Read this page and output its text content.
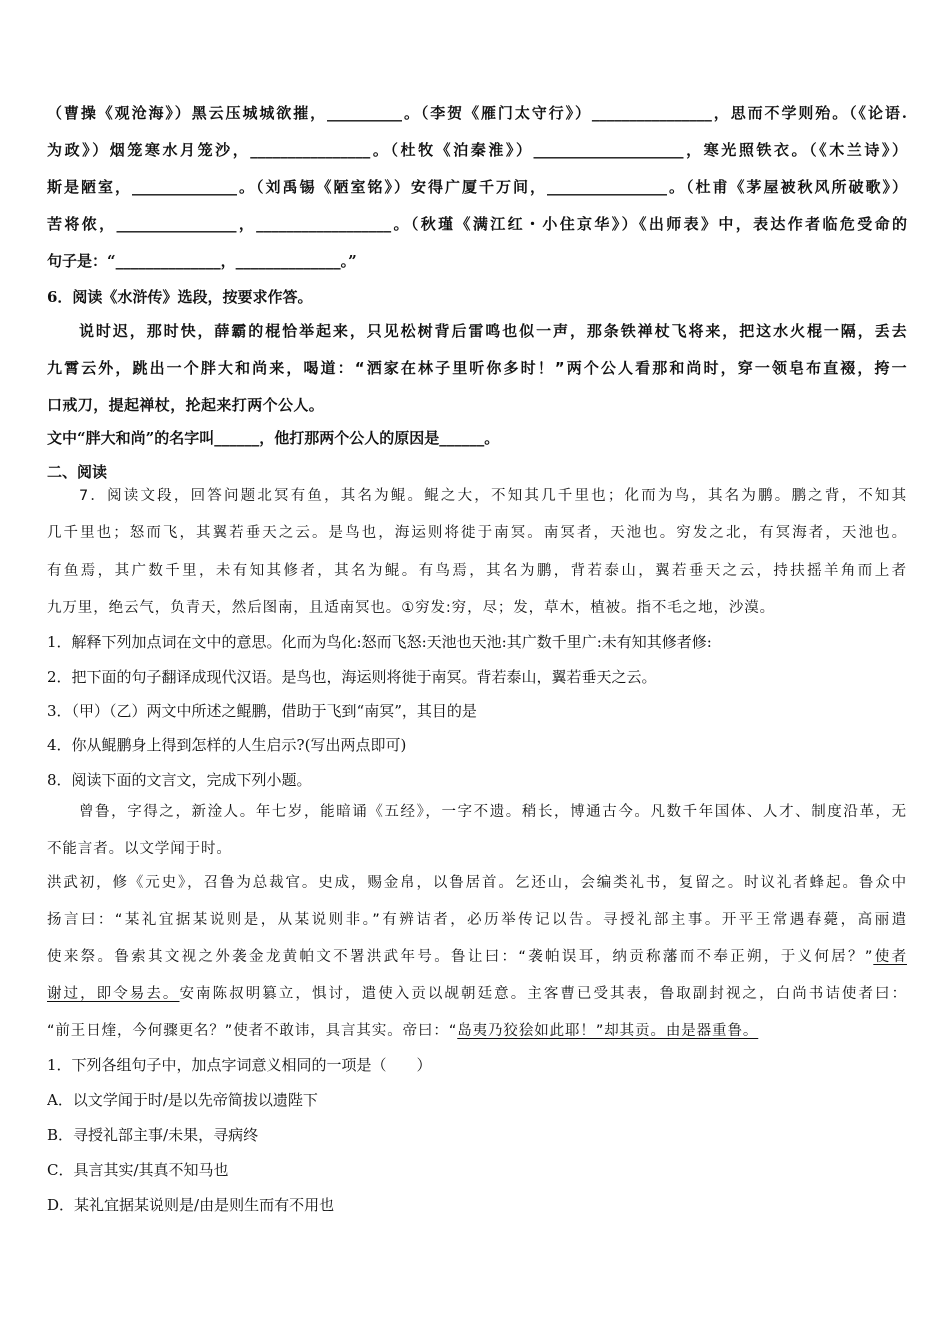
（曹操《观沧海》）黑云压城城欲摧，__________。（李贺《雁门太守行》）________________，思而不学则殆。（《论语.
为政》）烟笼寒水月笼沙，________________。（杜牧《泊秦淮》）____________________，寒光照铁衣。（《木兰诗》）
斯是陋室，______________。（刘禹锡《陋室铭》）安得广厦千万间，________________。（杜甫《茅屋被秋风所破歌》）
苦将侬，________________，__________________。（秋瑾《满江红・小住京华》）《出师表》中，表达作者临危受命的
句子是：“______________，______________。”
6．阅读《水浒传》选段，按要求作答。
说时迟，那时快，薛霸的棍恰举起来，只见松树背后雷鸣也似一声，那条铁禅杖飞将来，把这水火棍一隔，丢去
九霄云外，跳出一个胖大和尚来，喝道：“洒家在林子里听你多时！”两个公人看那和尚时，穿一领皂布直裰，挎一
口戒刀，提起禅杖，抡起来打两个公人。
文中“胖大和尚”的名字叫______，他打那两个公人的原因是______。
二、阅读
7．阅读文段，回答问题北冥有鱼，其名为鲲。鲲之大，不知其几千里也；化而为鸟，其名为鹏。鹏之背，不知其
几千里也；怒而飞，其翼若垂天之云。是鸟也，海运则将徙于南冥。南冥者，天池也。穷发之北，有冥海者，天池也。
有鱼焉，其广数千里，未有知其修者，其名为鲲。有鸟焉，其名为鹏，背若泰山，翼若垂天之云，持扶摇羊角而上者
九万里，绝云气，负青天，然后图南，且适南冥也。①穷发:穷，尽；发，草木，植被。指不毛之地，沙漠。
1．解释下列加点词在文中的意思。化而为鸟化:怒而飞怒:天池也天池:其广数千里广:未有知其修者修:
2．把下面的句子翻译成现代汉语。是鸟也，海运则将徙于南冥。背若泰山，翼若垂天之云。
3．（甲）（乙）两文中所述之鲲鹏，借助于飞到“南冥”，其目的是
4．你从鲲鹏身上得到怎样的人生启示?(写出两点即可)
8．阅读下面的文言文，完成下列小题。
曾鲁，字得之，新淦人。年七岁，能暗诵《五经》，一字不遗。稍长，博通古今。凡数千年国体、人才、制度沿革，无
不能言者。以文学闻于时。
洪武初，修《元史》，召鲁为总裁官。史成，赐金帛，以鲁居首。乞还山，会编类礼书，复留之。时议礼者蜂起。鲁众中
扬言曰：“某礼宜据某说则是，从某说则非。”有辨诘者，必历举传记以告。寻授礼部主事。开平王常遇春薨，高丽遣
使来祭。鲁索其文视之外袭金龙黄帕文不署洪武年号。鲁让曰：“袭帕误耳，纳贡称藩而不奉正朔，于义何居？”使者
谢过，即令易去。安南陈叔明篡立，惧讨，遣使入贡以觇朝廷意。主客曹已受其表，鲁取副封视之，白尚书诘使者曰：
“前王日煃，今何骤更名？”使者不敢讳，具言其实。帝曰：“岛夷乃狡狯如此耶！”却其贡。由是器重鲁。
1．下列各组句子中，加点字词意义相同的一项是（　　）
A．以文学闻于时/是以先帝简拔以遗陛下
B．寻授礼部主事/未果，寻病终
C．具言其实/其真不知马也
D．某礼宜据某说则是/由是则生而有不用也
